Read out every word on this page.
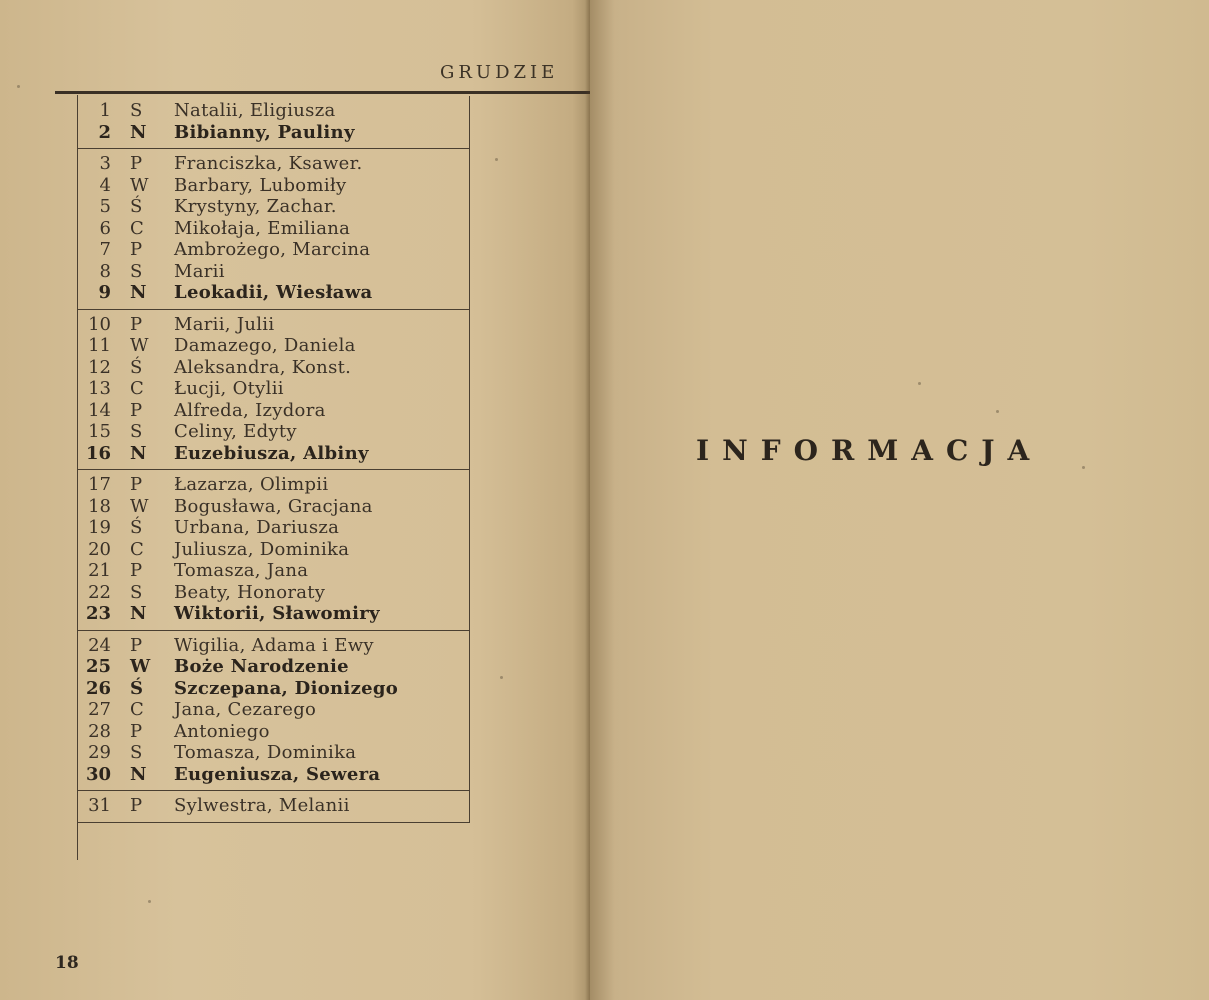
GRUDZIE
1 S	Natalii, Eligiusza
2 N Bibianny, Pauliny
3 P	Franciszka, Ksawer.
4 W Barbary, Lubomiły
5 Ś	Krystyny, Zachar.
6 C	Mikołaja, Emiliana
7 P	Ambrożego, Marcina
8 S	Marii
9 N Leokadii, Wiesława
10 P	Marii, Julii
11 W Damazego, Daniela
12 Ś	Aleksandra, Konst.
13 C	Łucji, Otylii
14 P	Alfreda, Izydora
15 S	Celiny, Edyty
16 N Euzebiusza, Albiny
17 P	Łazarza, Olimpii
18 W Bogusława, Gracjana
19 Ś	Urbana, Dariusza
20 C	Juliusza, Dominika
21 P	Tomasza, Jana
22 S	Beaty, Honoraty
23 N Wiktorii, Sławomiry
24 P	Wigilia, Adama i Ewy
25 W Boże Narodzenie
26 Ś	Szczepana, Dionizego
27 C	Jana, Cezarego
28 P	Antoniego
29 S	Tomasza, Dominika
30 N Eugeniusza, Sewera
31 P	Sylwestra, Melanii
18
INFORMACJA
